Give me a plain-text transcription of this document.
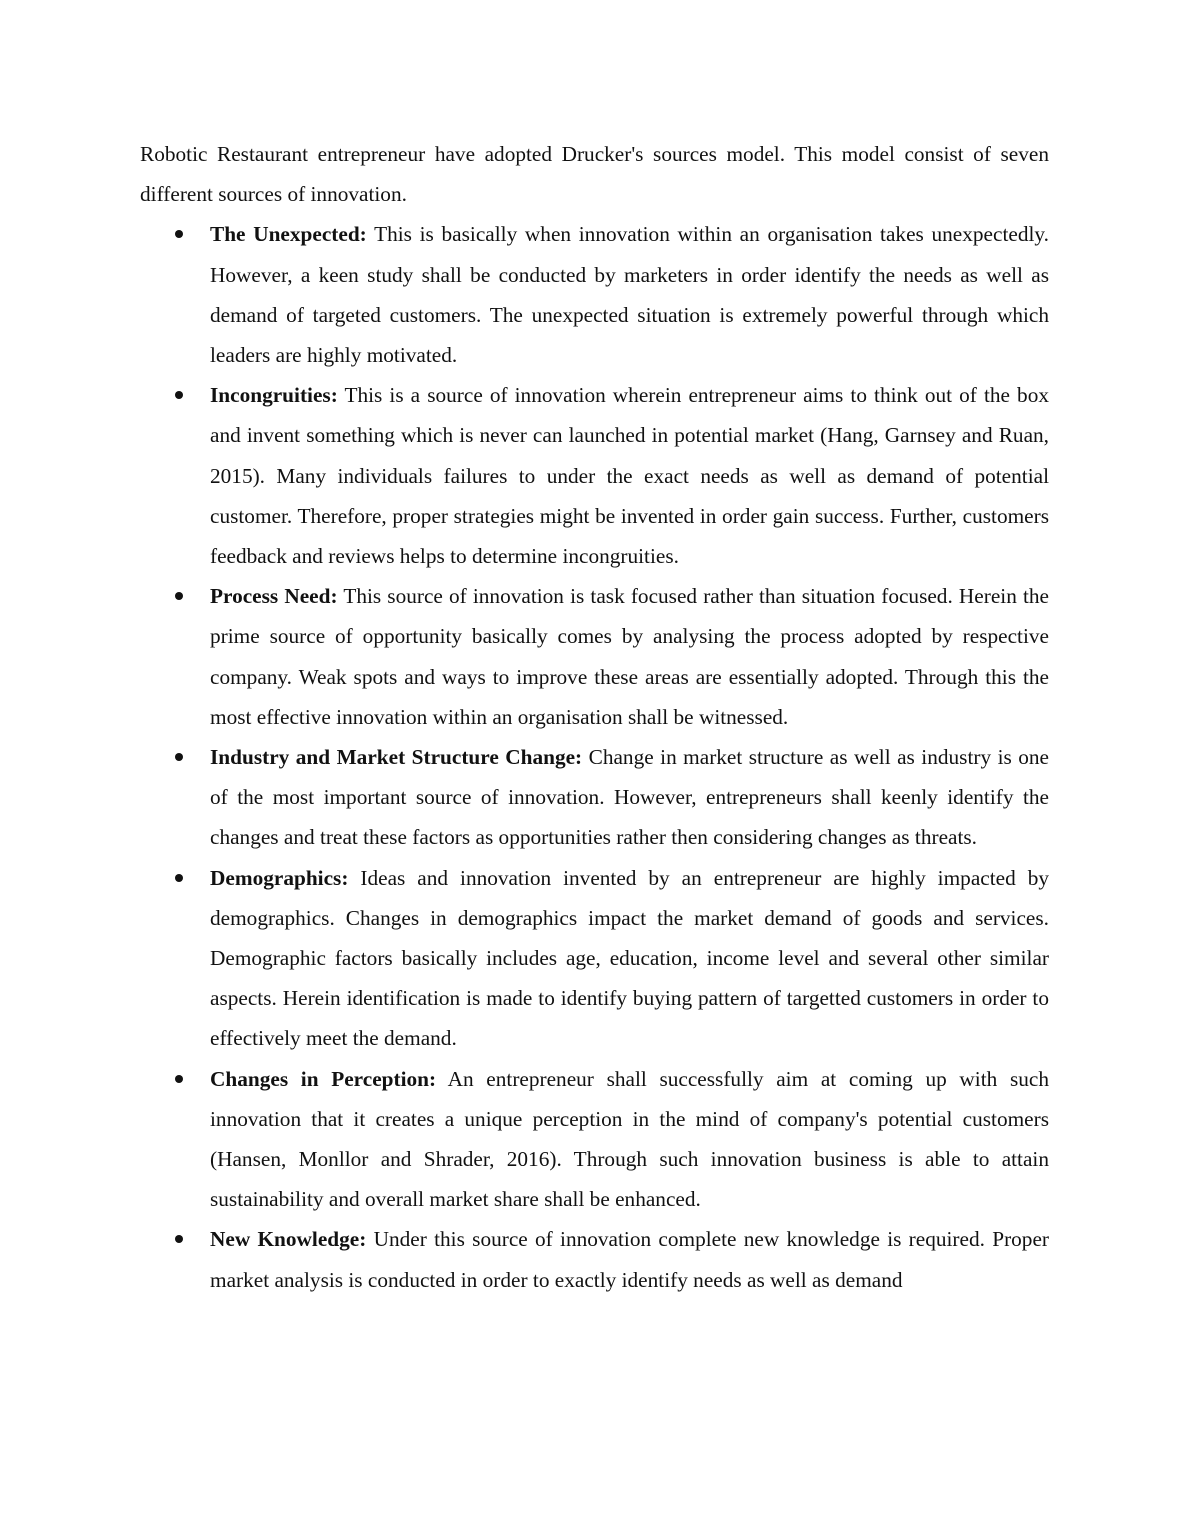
Robotic Restaurant entrepreneur have adopted Drucker's sources model. This model consist of seven different sources of innovation.

The Unexpected: This is basically when innovation within an organisation takes unexpectedly. However, a keen study shall be conducted by marketers in order identify the needs as well as demand of targeted customers. The unexpected situation is extremely powerful through which leaders are highly motivated.
Incongruities: This is a source of innovation wherein entrepreneur aims to think out of the box and invent something which is never can launched in potential market (Hang, Garnsey and Ruan, 2015). Many individuals failures to under the exact needs as well as demand of potential customer. Therefore, proper strategies might be invented in order gain success. Further, customers feedback and reviews helps to determine incongruities.
Process Need: This source of innovation is task focused rather than situation focused. Herein the prime source of opportunity basically comes by analysing the process adopted by respective company. Weak spots and ways to improve these areas are essentially adopted. Through this the most effective innovation within an organisation shall be witnessed.
Industry and Market Structure Change: Change in market structure as well as industry is one of the most important source of innovation. However, entrepreneurs shall keenly identify the changes and treat these factors as opportunities rather then considering changes as threats.
Demographics: Ideas and innovation invented by an entrepreneur are highly impacted by demographics. Changes in demographics impact the market demand of goods and services. Demographic factors basically includes age, education, income level and several other similar aspects. Herein identification is made to identify buying pattern of targetted customers in order to effectively meet the demand.
Changes in Perception: An entrepreneur shall successfully aim at coming up with such innovation that it creates a unique perception in the mind of company's potential customers (Hansen, Monllor and Shrader, 2016). Through such innovation business is able to attain sustainability and overall market share shall be enhanced.
New Knowledge: Under this source of innovation complete new knowledge is required. Proper market analysis is conducted in order to exactly identify needs as well as demand
